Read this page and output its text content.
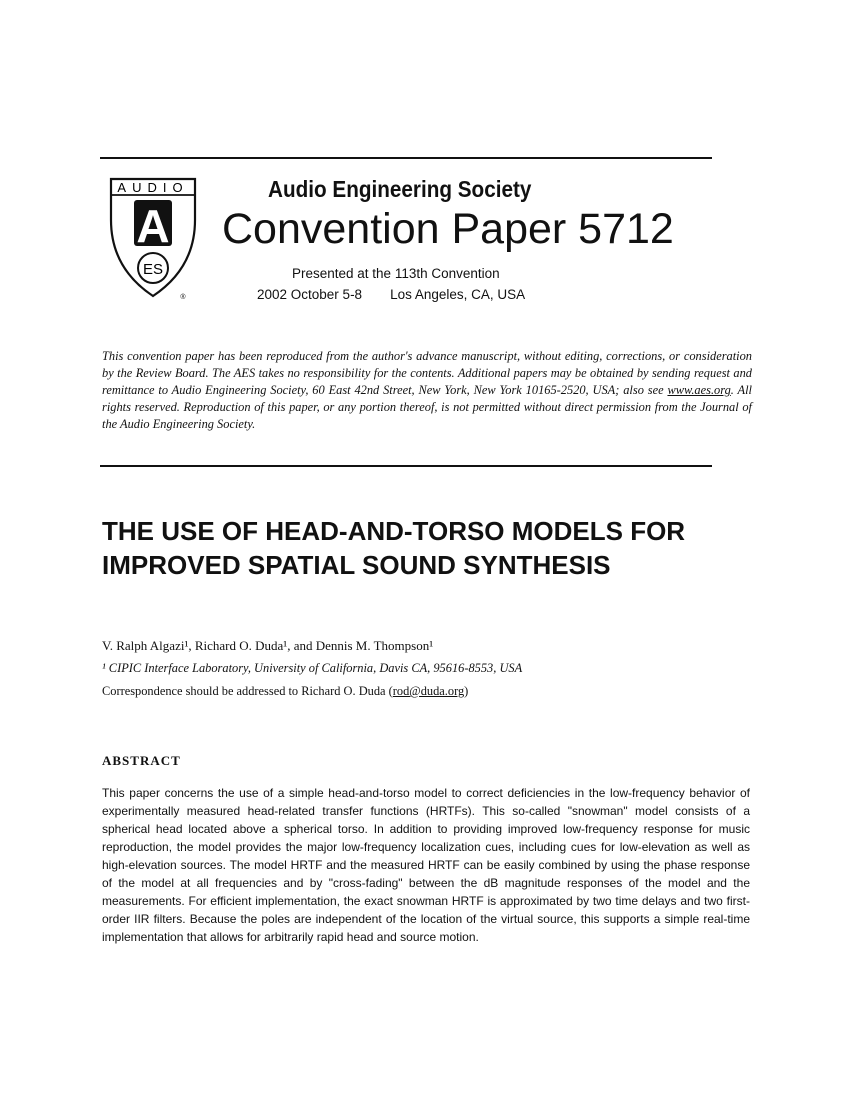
AUDIO
A
ES
®
Audio Engineering Society
Convention Paper 5712
Presented at the 113th Convention
2002 October 5-8 Los Angeles, CA, USA
This convention paper has been reproduced from the author's advance manuscript, without editing, corrections, or consideration by the Review Board. The AES takes no responsibility for the contents. Additional papers may be obtained by sending request and remittance to Audio Engineering Society, 60 East 42nd Street, New York, New York 10165-2520, USA; also see www.aes.org. All rights reserved. Reproduction of this paper, or any portion thereof, is not permitted without direct permission from the Journal of the Audio Engineering Society.
THE USE OF HEAD-AND-TORSO MODELS FOR IMPROVED SPATIAL SOUND SYNTHESIS
V. Ralph Algazi¹, Richard O. Duda¹, and Dennis M. Thompson¹
¹ CIPIC Interface Laboratory, University of California, Davis CA, 95616-8553, USA
Correspondence should be addressed to Richard O. Duda (rod@duda.org)
ABSTRACT

This paper concerns the use of a simple head-and-torso model to correct deficiencies in the low-frequency behavior of experimentally measured head-related transfer functions (HRTFs). This so-called "snowman" model consists of a spherical head located above a spherical torso. In addition to providing improved low-frequency response for music reproduction, the model provides the major low-frequency localization cues, including cues for low-elevation as well as high-elevation sources. The model HRTF and the measured HRTF can be easily combined by using the phase response of the model at all frequencies and by "cross-fading" between the dB magnitude responses of the model and the measurements. For efficient implementation, the exact snowman HRTF is approximated by two time delays and two first-order IIR filters. Because the poles are independent of the location of the virtual source, this supports a simple real-time implementation that allows for arbitrarily rapid head and source motion.
